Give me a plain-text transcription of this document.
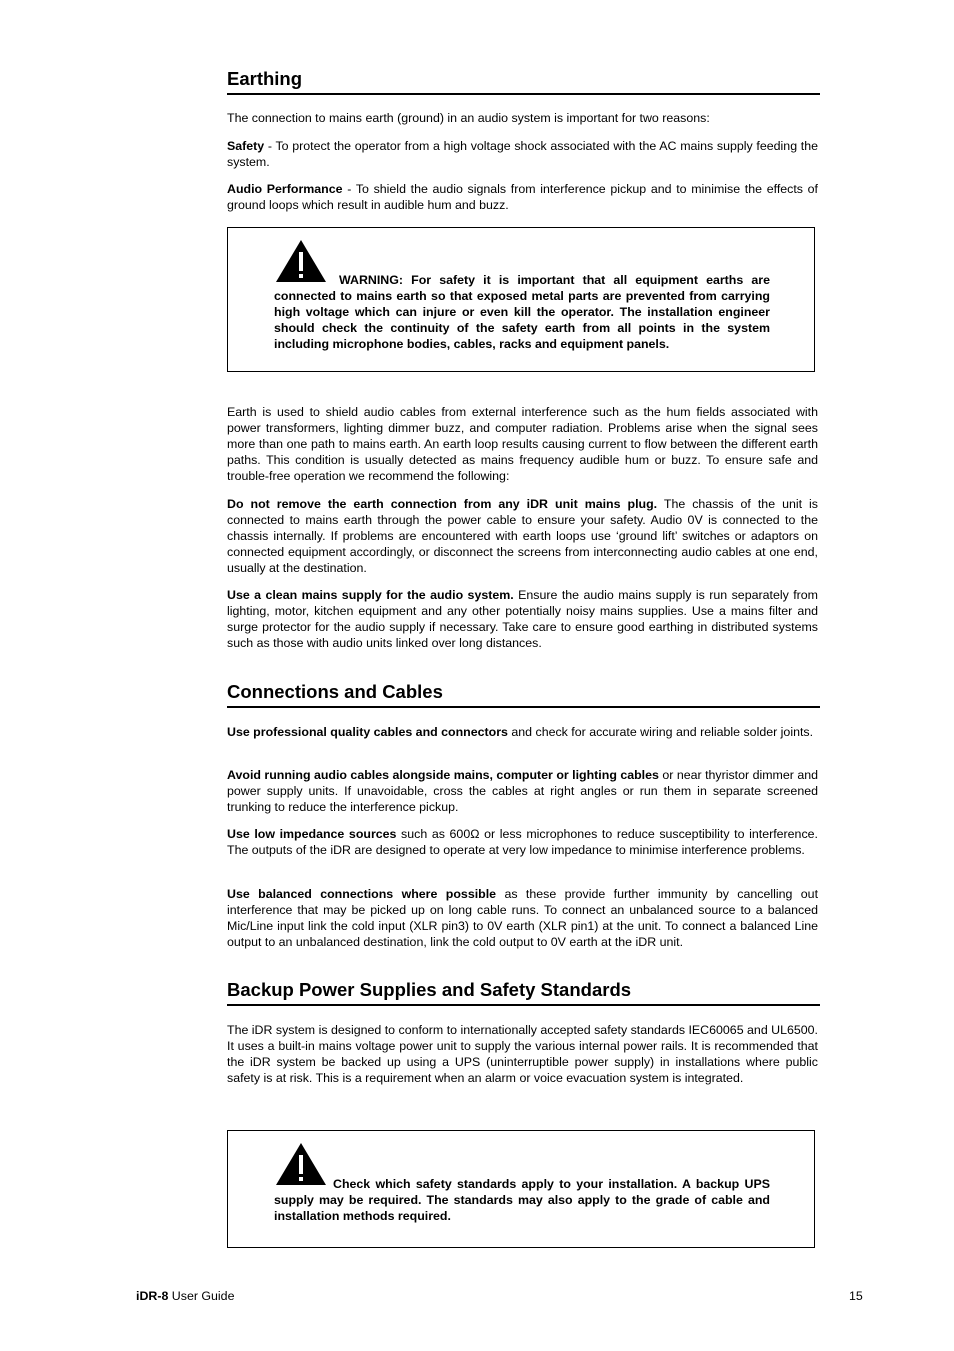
Earthing

The connection to mains earth (ground) in an audio system is important for two reasons:

Safety - To protect the operator from a high voltage shock associated with the AC mains supply feeding the system.

Audio Performance - To shield the audio signals from interference pickup and to minimise the effects of ground loops which result in audible hum and buzz.

WARNING: For safety it is important that all equipment earths are connected to mains earth so that exposed metal parts are prevented from carrying high voltage which can injure or even kill the operator. The installation engineer should check the continuity of the safety earth from all points in the system including microphone bodies, cables, racks and equipment panels.

Earth is used to shield audio cables from external interference such as the hum fields associated with power transformers, lighting dimmer buzz, and computer radiation. Problems arise when the signal sees more than one path to mains earth. An earth loop results causing current to flow between the different earth paths. This condition is usually detected as mains frequency audible hum or buzz. To ensure safe and trouble-free operation we recommend the following:

Do not remove the earth connection from any iDR unit mains plug. The chassis of the unit is connected to mains earth through the power cable to ensure your safety. Audio 0V is connected to the chassis internally. If problems are encountered with earth loops use ‘ground lift’ switches or adaptors on connected equipment accordingly, or disconnect the screens from interconnecting audio cables at one end, usually at the destination.

Use a clean mains supply for the audio system. Ensure the audio mains supply is run separately from lighting, motor, kitchen equipment and any other potentially noisy mains supplies. Use a mains filter and surge protector for the audio supply if necessary. Take care to ensure good earthing in distributed systems such as those with audio units linked over long distances.

Connections and Cables

Use professional quality cables and connectors and check for accurate wiring and reliable solder joints.

Avoid running audio cables alongside mains, computer or lighting cables or near thyristor dimmer and power supply units. If unavoidable, cross the cables at right angles or run them in separate screened trunking to reduce the interference pickup.

Use low impedance sources such as 600Ω or less microphones to reduce susceptibility to interference. The outputs of the iDR are designed to operate at very low impedance to minimise interference problems.

Use balanced connections where possible as these provide further immunity by cancelling out interference that may be picked up on long cable runs. To connect an unbalanced source to a balanced Mic/Line input link the cold input (XLR pin3) to 0V earth (XLR pin1) at the unit. To connect a balanced Line output to an unbalanced destination, link the cold output to 0V earth at the iDR unit.

Backup Power Supplies and Safety Standards

The iDR system is designed to conform to internationally accepted safety standards IEC60065 and UL6500. It uses a built-in mains voltage power unit to supply the various internal power rails. It is recommended that the iDR system be backed up using a UPS (uninterruptible power supply) in installations where public safety is at risk. This is a requirement when an alarm or voice evacuation system is integrated.

Check which safety standards apply to your installation. A backup UPS supply may be required. The standards may also apply to the grade of cable and installation methods required.
iDR-8 User Guide	15
